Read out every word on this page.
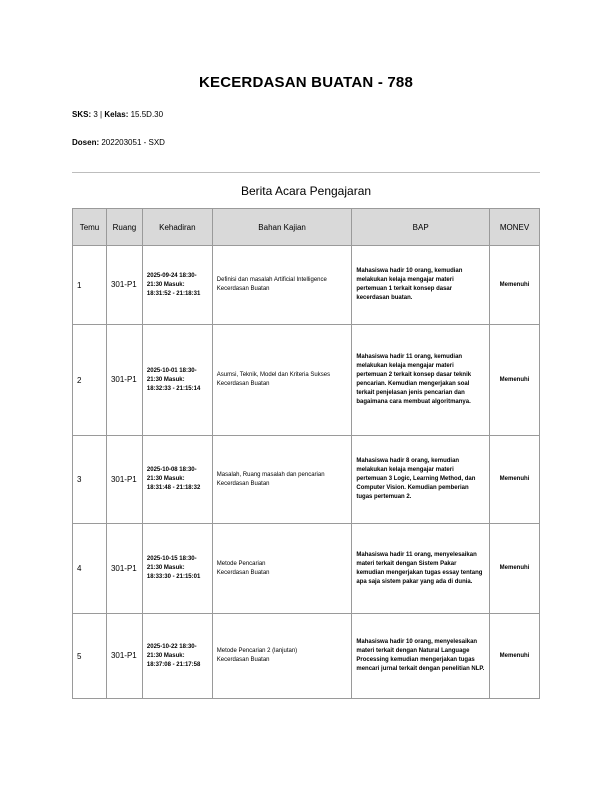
KECERDASAN BUATAN - 788
SKS: 3 | Kelas: 15.5D.30
Dosen: 202203051 - SXD
Berita Acara Pengajaran
Temu	Ruang	Kehadiran	Bahan Kajian	BAP	MONEV
1	301-P1	2025-09-24 18:30-21:30 Masuk: 18:31:52 - 21:18:31	Definisi dan masalah Artificial Intelligence
Kecerdasan Buatan	Mahasiswa hadir 10 orang, kemudian melakukan kelaja mengajar materi pertemuan 1 terkait konsep dasar kecerdasan buatan.	Memenuhi
2	301-P1	2025-10-01 18:30-21:30 Masuk: 18:32:33 - 21:15:14	Asumsi, Teknik, Model dan Kriteria Sukses
Kecerdasan Buatan	Mahasiswa hadir 11 orang, kemudian melakukan kelaja mengajar materi pertemuan 2 terkait konsep dasar teknik pencarian. Kemudian mengerjakan soal terkait penjelasan jenis pencarian dan bagaimana cara membuat algoritmanya.	Memenuhi
3	301-P1	2025-10-08 18:30-21:30 Masuk: 18:31:48 - 21:18:32	Masalah, Ruang masalah dan pencarian
Kecerdasan Buatan	Mahasiswa hadir 8 orang, kemudian melakukan kelaja mengajar materi pertemuan 3 Logic, Learning Method, dan Computer Vision. Kemudian pemberian tugas pertemuan 2.	Memenuhi
4	301-P1	2025-10-15 18:30-21:30 Masuk: 18:33:30 - 21:15:01	Metode Pencarian
Kecerdasan Buatan	Mahasiswa hadir 11 orang, menyelesaikan materi terkait dengan Sistem Pakar kemudian mengerjakan tugas essay tentang apa saja sistem pakar yang ada di dunia.	Memenuhi
5	301-P1	2025-10-22 18:30-21:30 Masuk: 18:37:08 - 21:17:58	Metode Pencarian 2 (lanjutan)
Kecerdasan Buatan	Mahasiswa hadir 10 orang, menyelesaikan materi terkait dengan Natural Language Processing kemudian mengerjakan tugas mencari jurnal terkait dengan penelitian NLP.	Memenuhi
